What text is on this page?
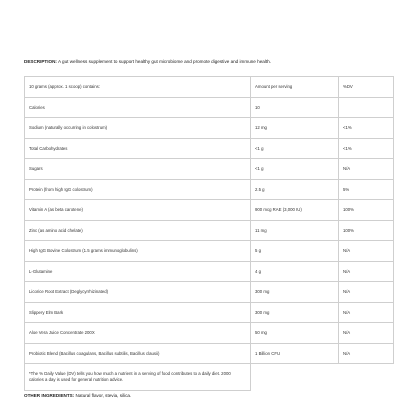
DESCRIPTION: A gut wellness supplement to support healthy gut microbiome and promote digestive and immune health.

10 grams (approx. 1 scoop) contains:	Amount per serving	%DV
Calories	10	
Sodium (naturally occurring in colostrum)	12 mg	<1%
Total Carbohydrates	<1 g	<1%
Sugars	<1 g	N/A
Protein (from high IgG colostrum)	2.5 g	5%
Vitamin A (as beta carotene)	900 mcg RAE (3,000 IU)	100%
Zinc (as amino acid chelate)	11 mg	100%
High IgG Bovine Colostrum (1.5 grams immunoglobulins)	5 g	N/A
L-Glutamine	4 g	N/A
Licorice Root Extract (Deglycyrrhizinated)	300 mg	N/A
Slippery Elm Bark	300 mg	N/A
Aloe Vera Juice Concentrate 200X	50 mg	N/A
Probiotic Blend (Bacillus coagulans, Bacillus subtilis, Bacillus clausii)	1 Billion CFU	N/A
*The % Daily Value (DV) tells you how much a nutrient in a serving of food contributes to a daily diet. 2000 calories a day is used for general nutrition advice.		

OTHER INGREDIENTS: Natural flavor, stevia, silica.
